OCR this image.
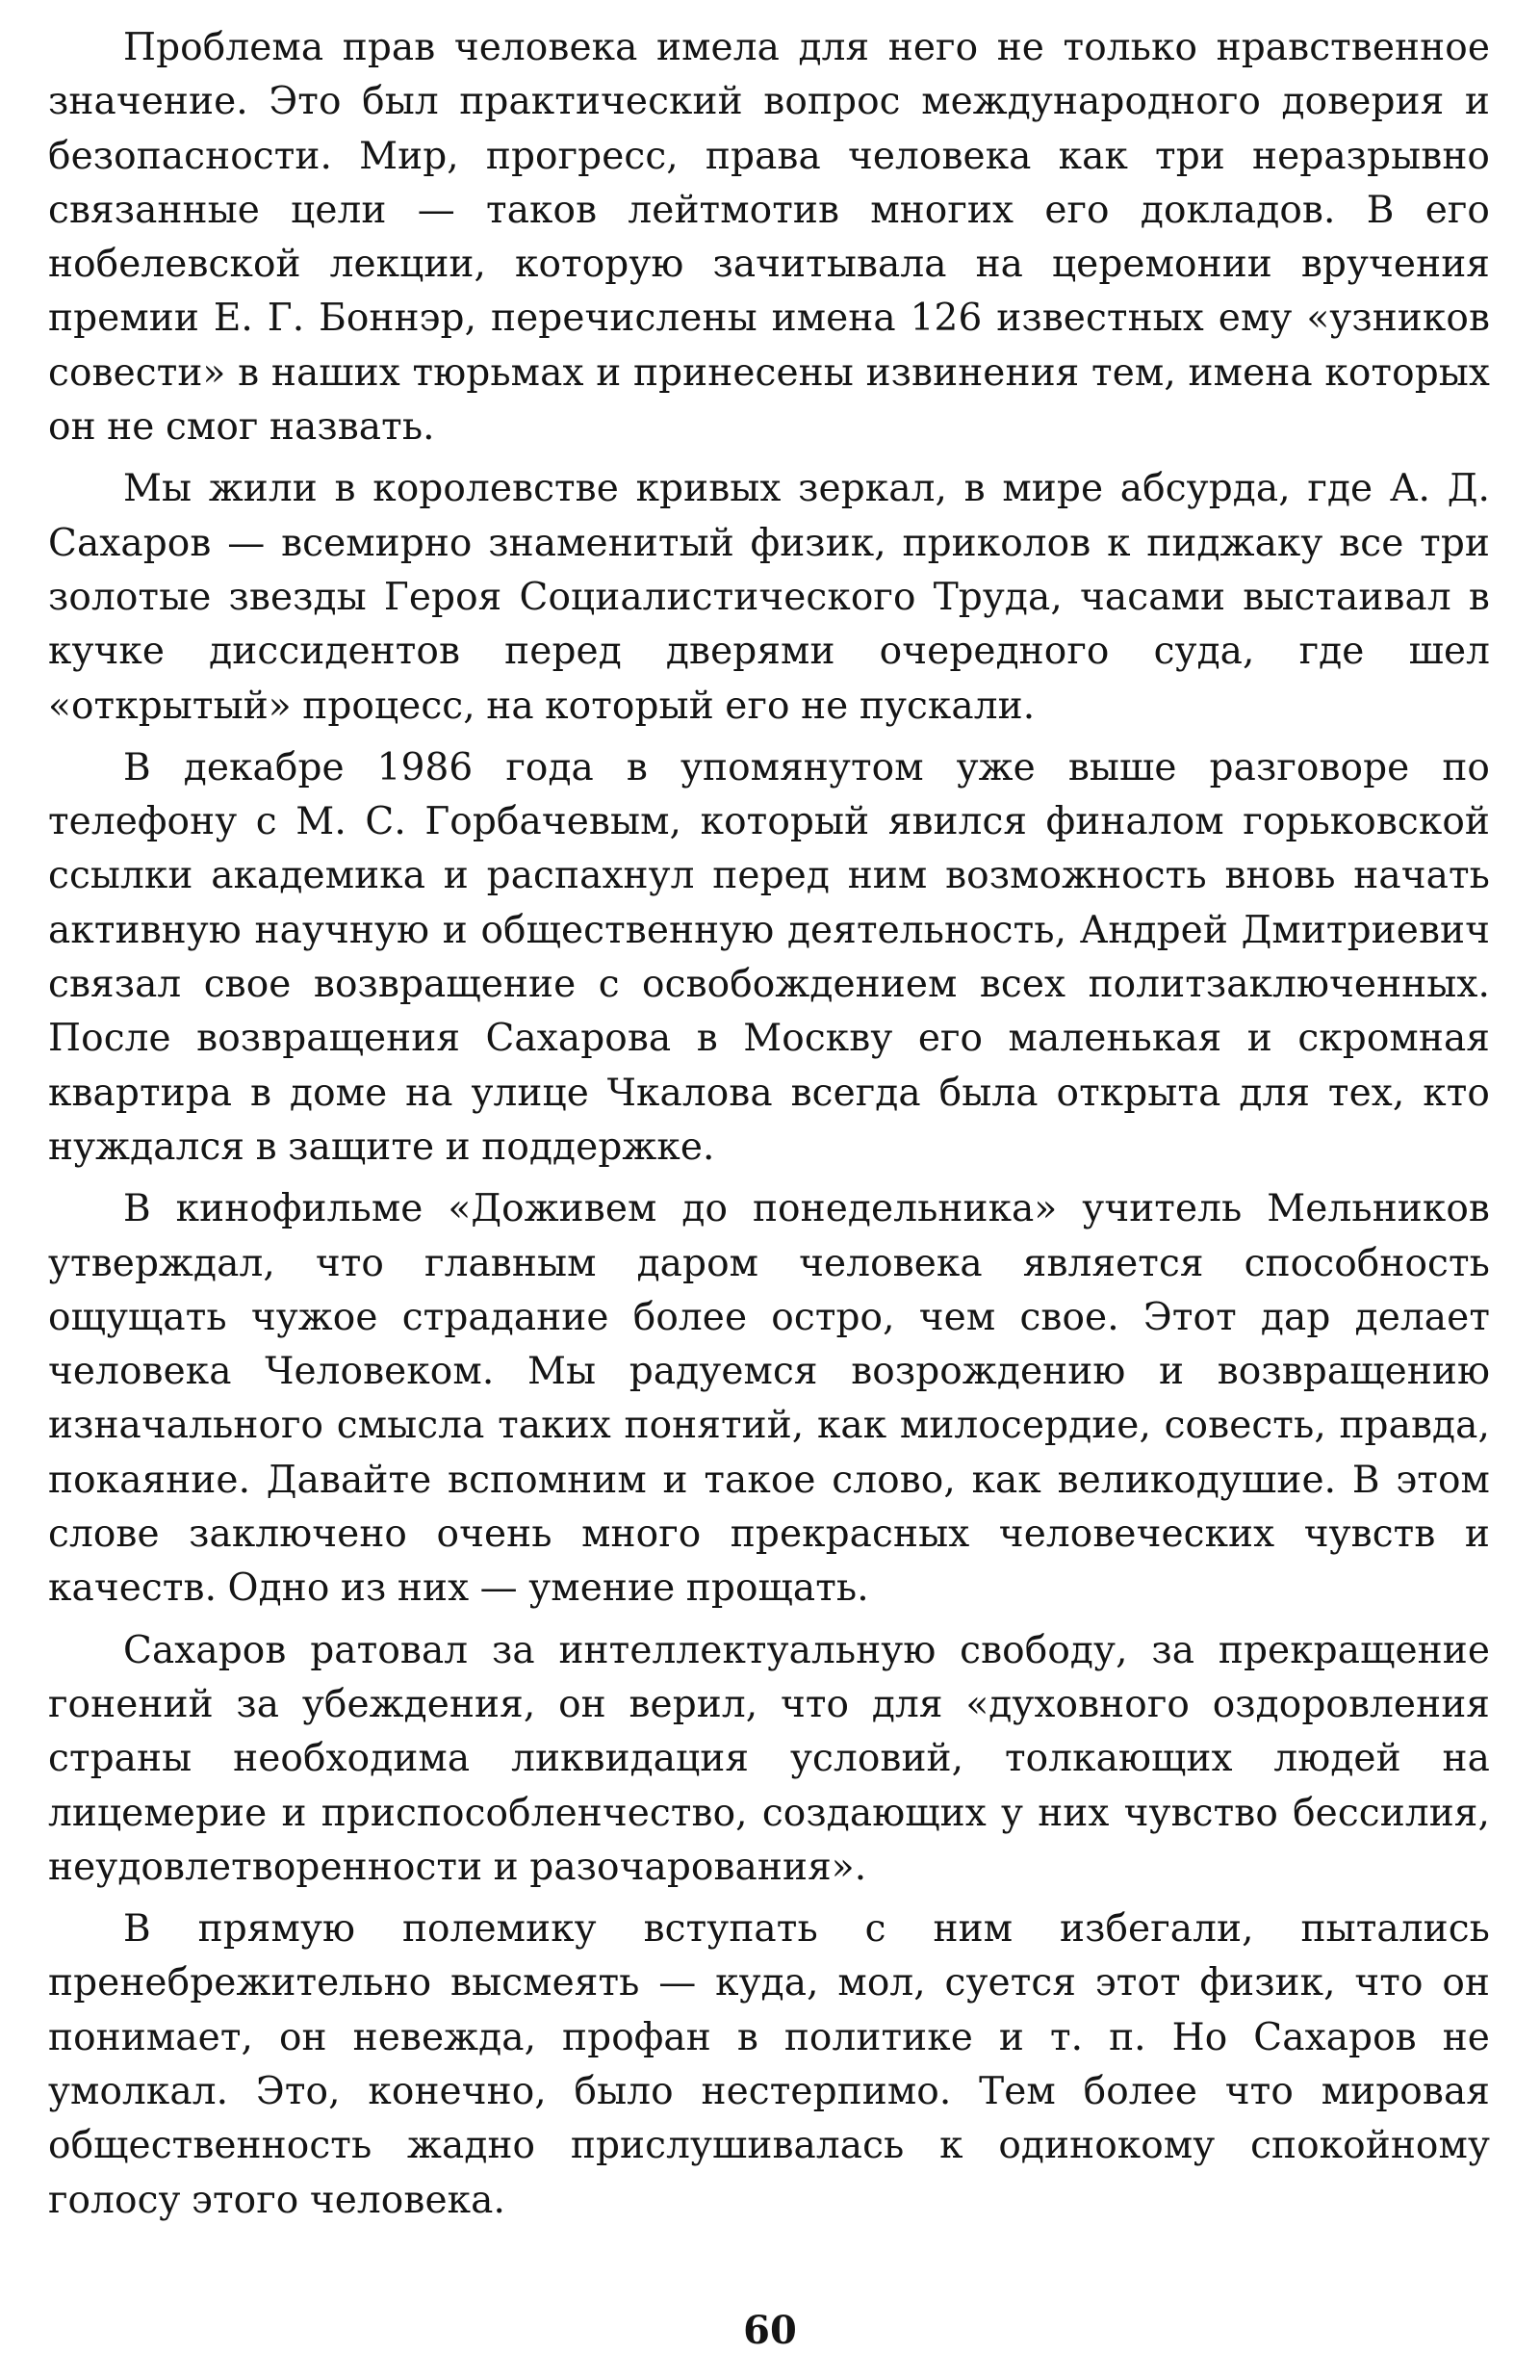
Проблема прав человека имела для него не только нравственное значение. Это был практический вопрос международного доверия и безопасности. Мир, прогресс, права человека как три неразрывно связанные цели — таков лейтмотив многих его докладов. В его нобелевской лекции, которую зачитывала на церемонии вручения премии Е. Г. Боннэр, перечислены имена 126 известных ему «узников совести» в наших тюрьмах и принесены извинения тем, имена которых он не смог назвать.

Мы жили в королевстве кривых зеркал, в мире абсурда, где А. Д. Сахаров — всемирно знаменитый физик, приколов к пиджаку все три золотые звезды Героя Социалистического Труда, часами выстаивал в кучке диссидентов перед дверями очередного суда, где шел «открытый» процесс, на который его не пускали.

В декабре 1986 года в упомянутом уже выше разговоре по телефону с М. С. Горбачевым, который явился финалом горьковской ссылки академика и распахнул перед ним возможность вновь начать активную научную и общественную деятельность, Андрей Дмитриевич связал свое возвращение с освобождением всех политзаключенных. После возвращения Сахарова в Москву его маленькая и скромная квартира в доме на улице Чкалова всегда была открыта для тех, кто нуждался в защите и поддержке.

В кинофильме «Доживем до понедельника» учитель Мельников утверждал, что главным даром человека является способность ощущать чужое страдание более остро, чем свое. Этот дар делает человека Человеком. Мы радуемся возрождению и возвращению изначального смысла таких понятий, как милосердие, совесть, правда, покаяние. Давайте вспомним и такое слово, как великодушие. В этом слове заключено очень много прекрасных человеческих чувств и качеств. Одно из них — умение прощать.

Сахаров ратовал за интеллектуальную свободу, за прекращение гонений за убеждения, он верил, что для «духовного оздоровления страны необходима ликвидация условий, толкающих людей на лицемерие и приспособленчество, создающих у них чувство бессилия, неудовлетворенности и разочарования».

В прямую полемику вступать с ним избегали, пытались пренебрежительно высмеять — куда, мол, суется этот физик, что он понимает, он невежда, профан в политике и т. п. Но Сахаров не умолкал. Это, конечно, было нестерпимо. Тем более что мировая общественность жадно прислушивалась к одинокому спокойному голосу этого человека.

60
